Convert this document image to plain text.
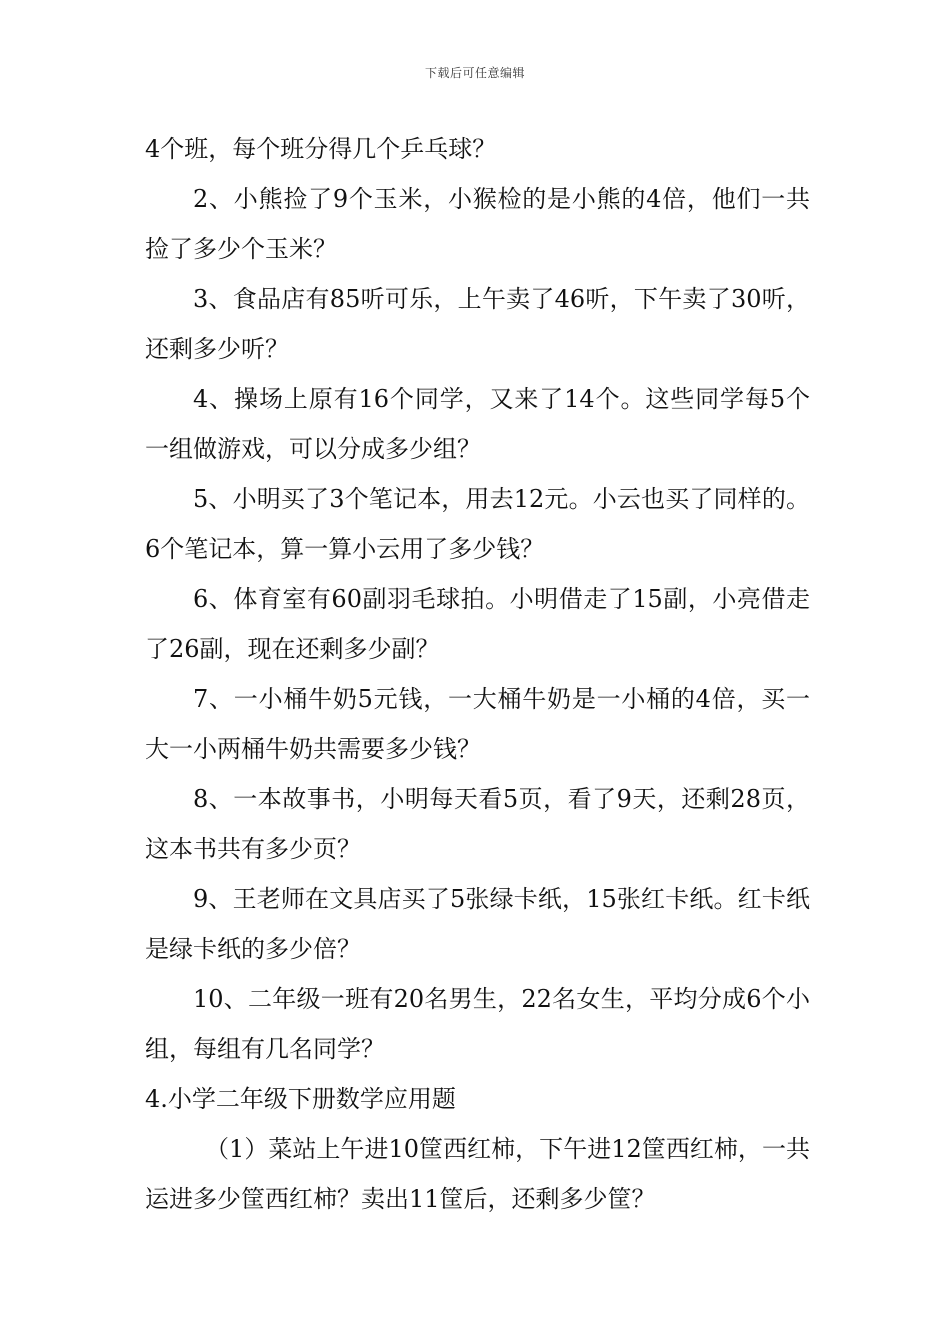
下载后可任意编辑

4个班，每个班分得几个乒乓球？

2、小熊捡了9个玉米，小猴检的是小熊的4倍，他们一共捡了多少个玉米？

3、食品店有85听可乐，上午卖了46听，下午卖了30听，还剩多少听？

4、操场上原有16个同学，又来了14个。这些同学每5个一组做游戏，可以分成多少组？

5、小明买了3个笔记本，用去12元。小云也买了同样的。6个笔记本，算一算小云用了多少钱？

6、体育室有60副羽毛球拍。小明借走了15副，小亮借走了26副，现在还剩多少副？

7、一小桶牛奶5元钱，一大桶牛奶是一小桶的4倍，买一大一小两桶牛奶共需要多少钱？

8、一本故事书，小明每天看5页，看了9天，还剩28页，这本书共有多少页？

9、王老师在文具店买了5张绿卡纸，15张红卡纸。红卡纸是绿卡纸的多少倍？

10、二年级一班有20名男生，22名女生，平均分成6个小组，每组有几名同学？

4.小学二年级下册数学应用题

（1）菜站上午进10筐西红柿，下午进12筐西红柿，一共运进多少筐西红柿？卖出11筐后，还剩多少筐？
